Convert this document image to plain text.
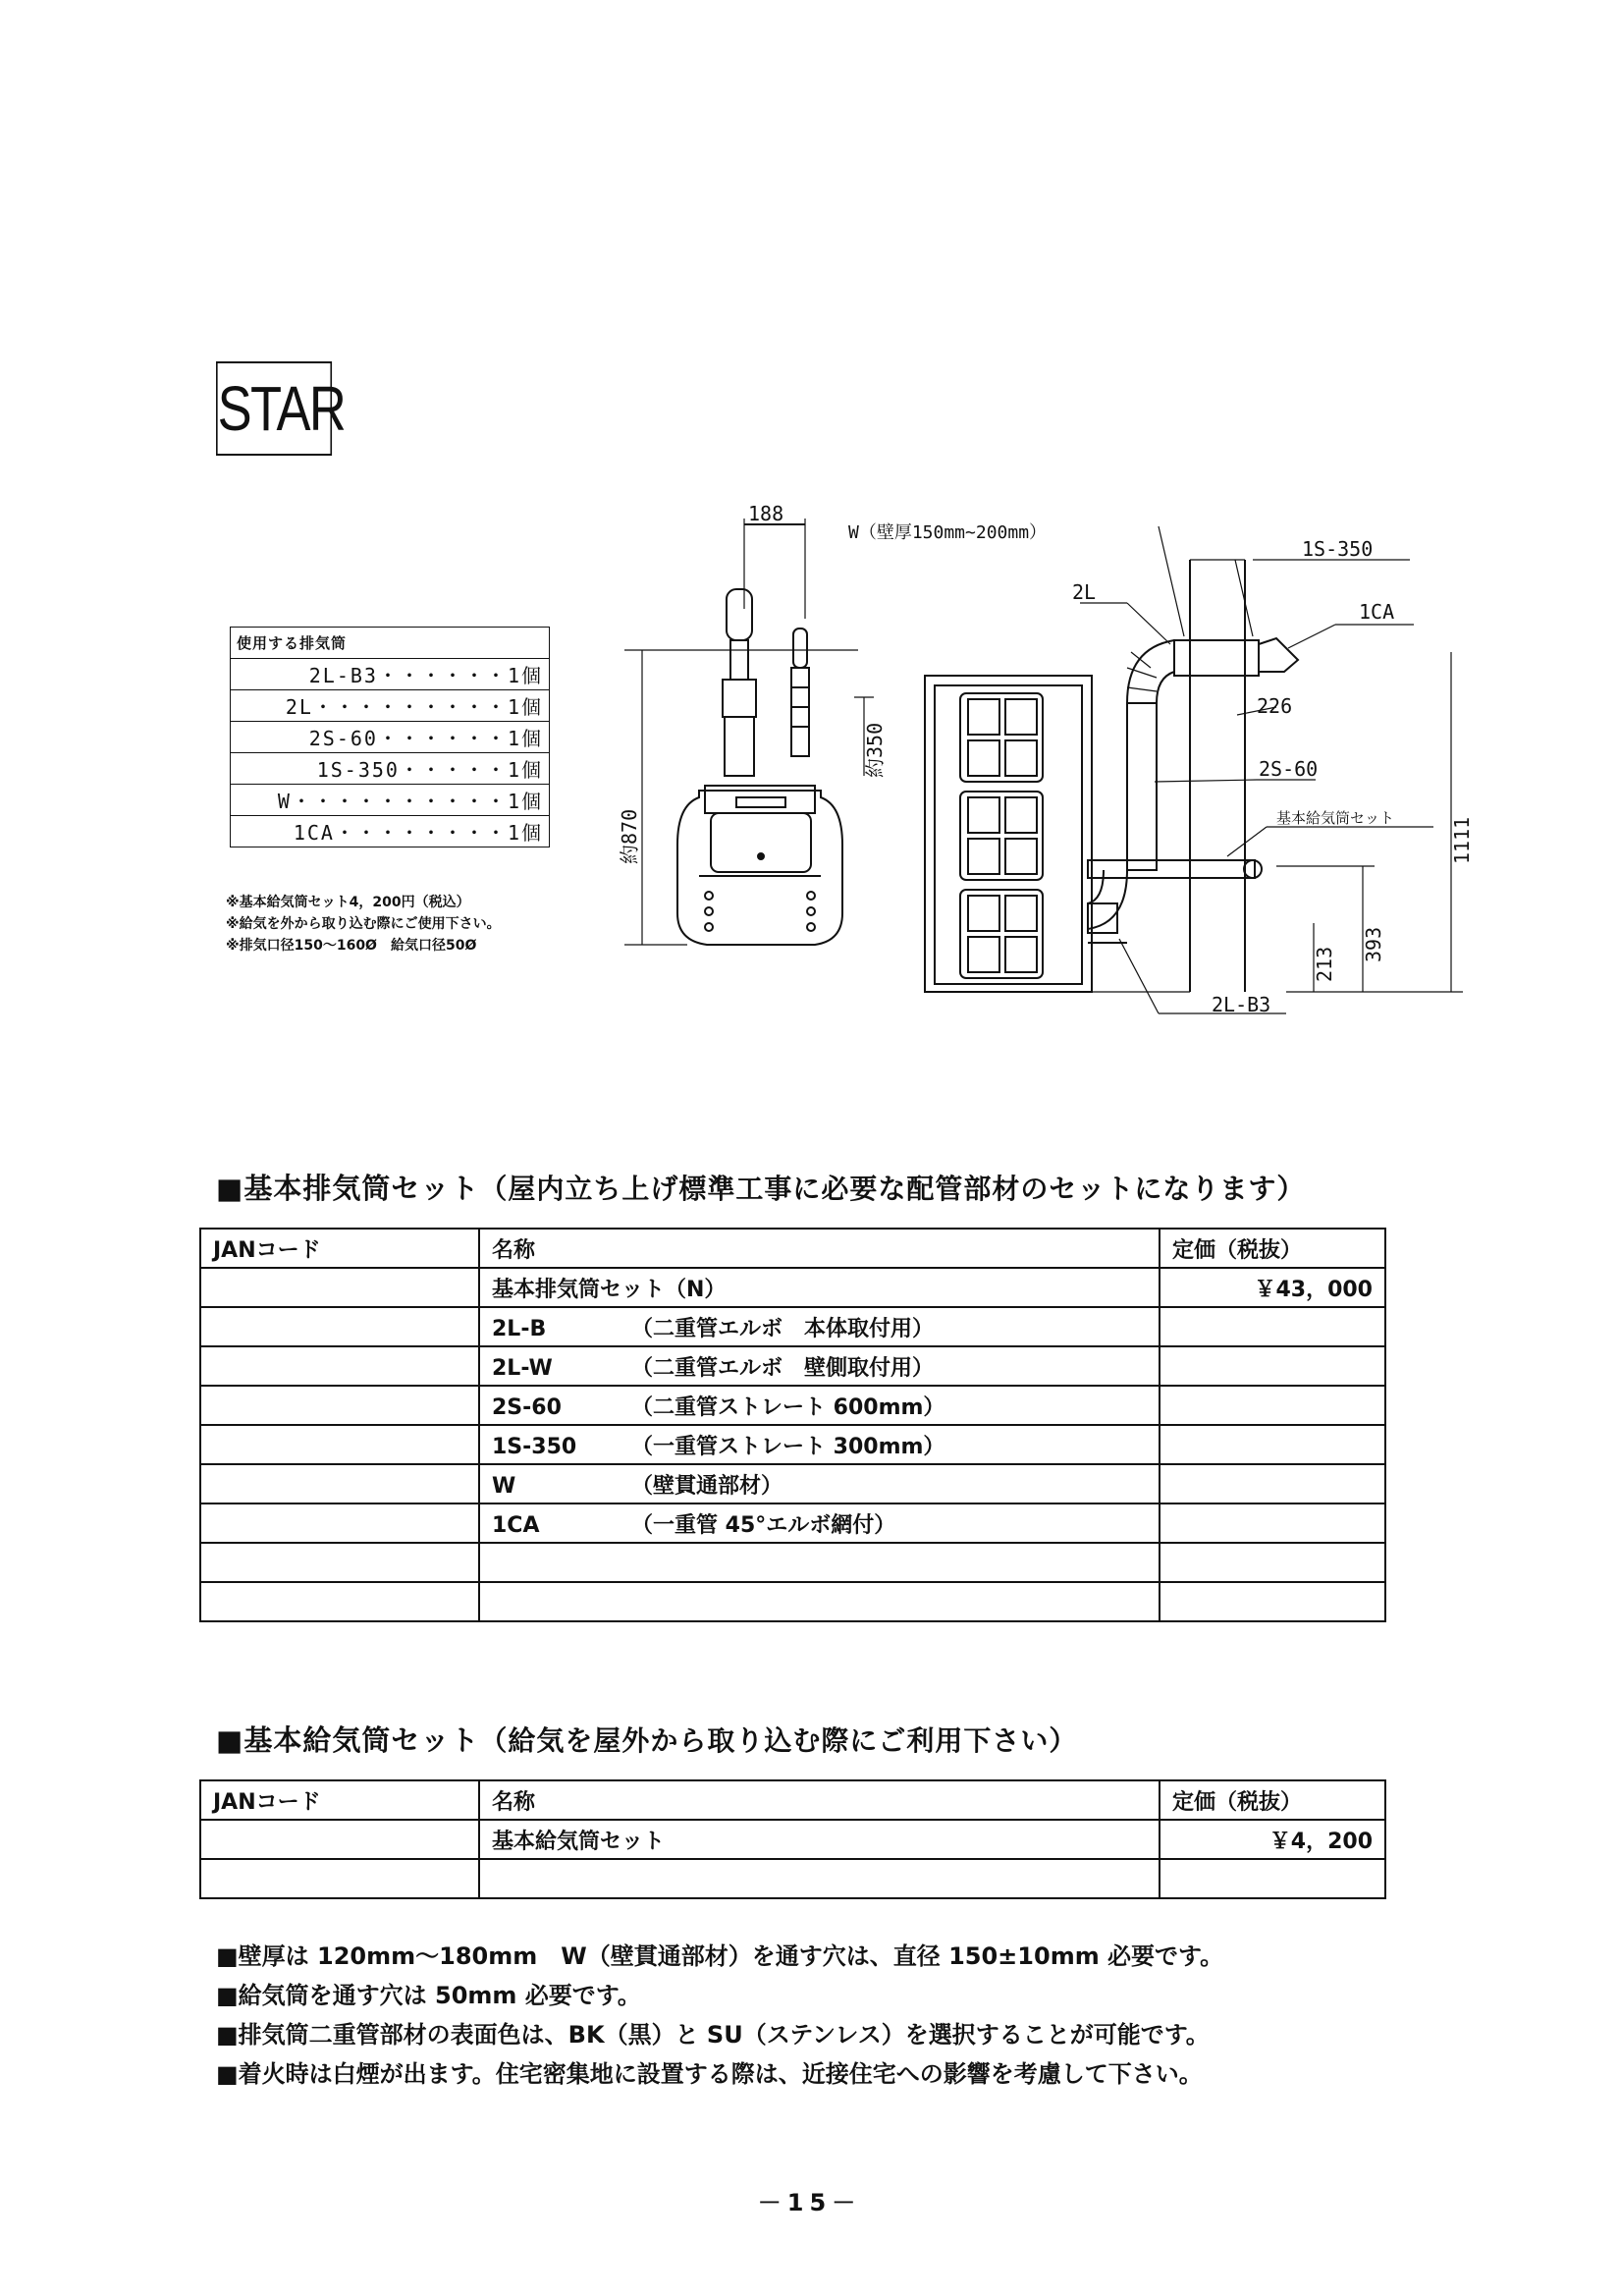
STAR
使用する排気筒
2L-B3・・・・・・1個
2L・・・・・・・・・1個
2S-60・・・・・・1個
1S-350・・・・・1個
W・・・・・・・・・・1個
1CA・・・・・・・・1個
※基本給気筒セット4，200円（税込）
※給気を外から取り込む際にご使用下さい。
※排気口径150～160Ø　給気口径50Ø
188
約870
約350
W（壁厚150mm~200mm）
1S-350
2L
1CA
226
2S-60
基本給気筒セット
2L-B3
1111
393
213
■基本排気筒セット（屋内立ち上げ標準工事に必要な配管部材のセットになります）
JANコード	名称	定価（税抜）
	基本排気筒セット（N）	￥43，000
	2L-B （二重管エルボ　本体取付用）	
	2L-W （二重管エルボ　壁側取付用）	
	2S-60 （二重管ストレート 600mm）	
	1S-350 （一重管ストレート 300mm）	
	W （壁貫通部材）	
	1CA （一重管 45°エルボ網付）	

■基本給気筒セット（給気を屋外から取り込む際にご利用下さい）
JANコード	名称	定価（税抜）
	基本給気筒セット	￥4，200

■壁厚は 120mm～180mm　W（壁貫通部材）を通す穴は、直径 150±10mm 必要です。
■給気筒を通す穴は 50mm 必要です。
■排気筒二重管部材の表面色は、BK（黒）と SU（ステンレス）を選択することが可能です。
■着火時は白煙が出ます。住宅密集地に設置する際は、近接住宅への影響を考慮して下さい。
－15－
